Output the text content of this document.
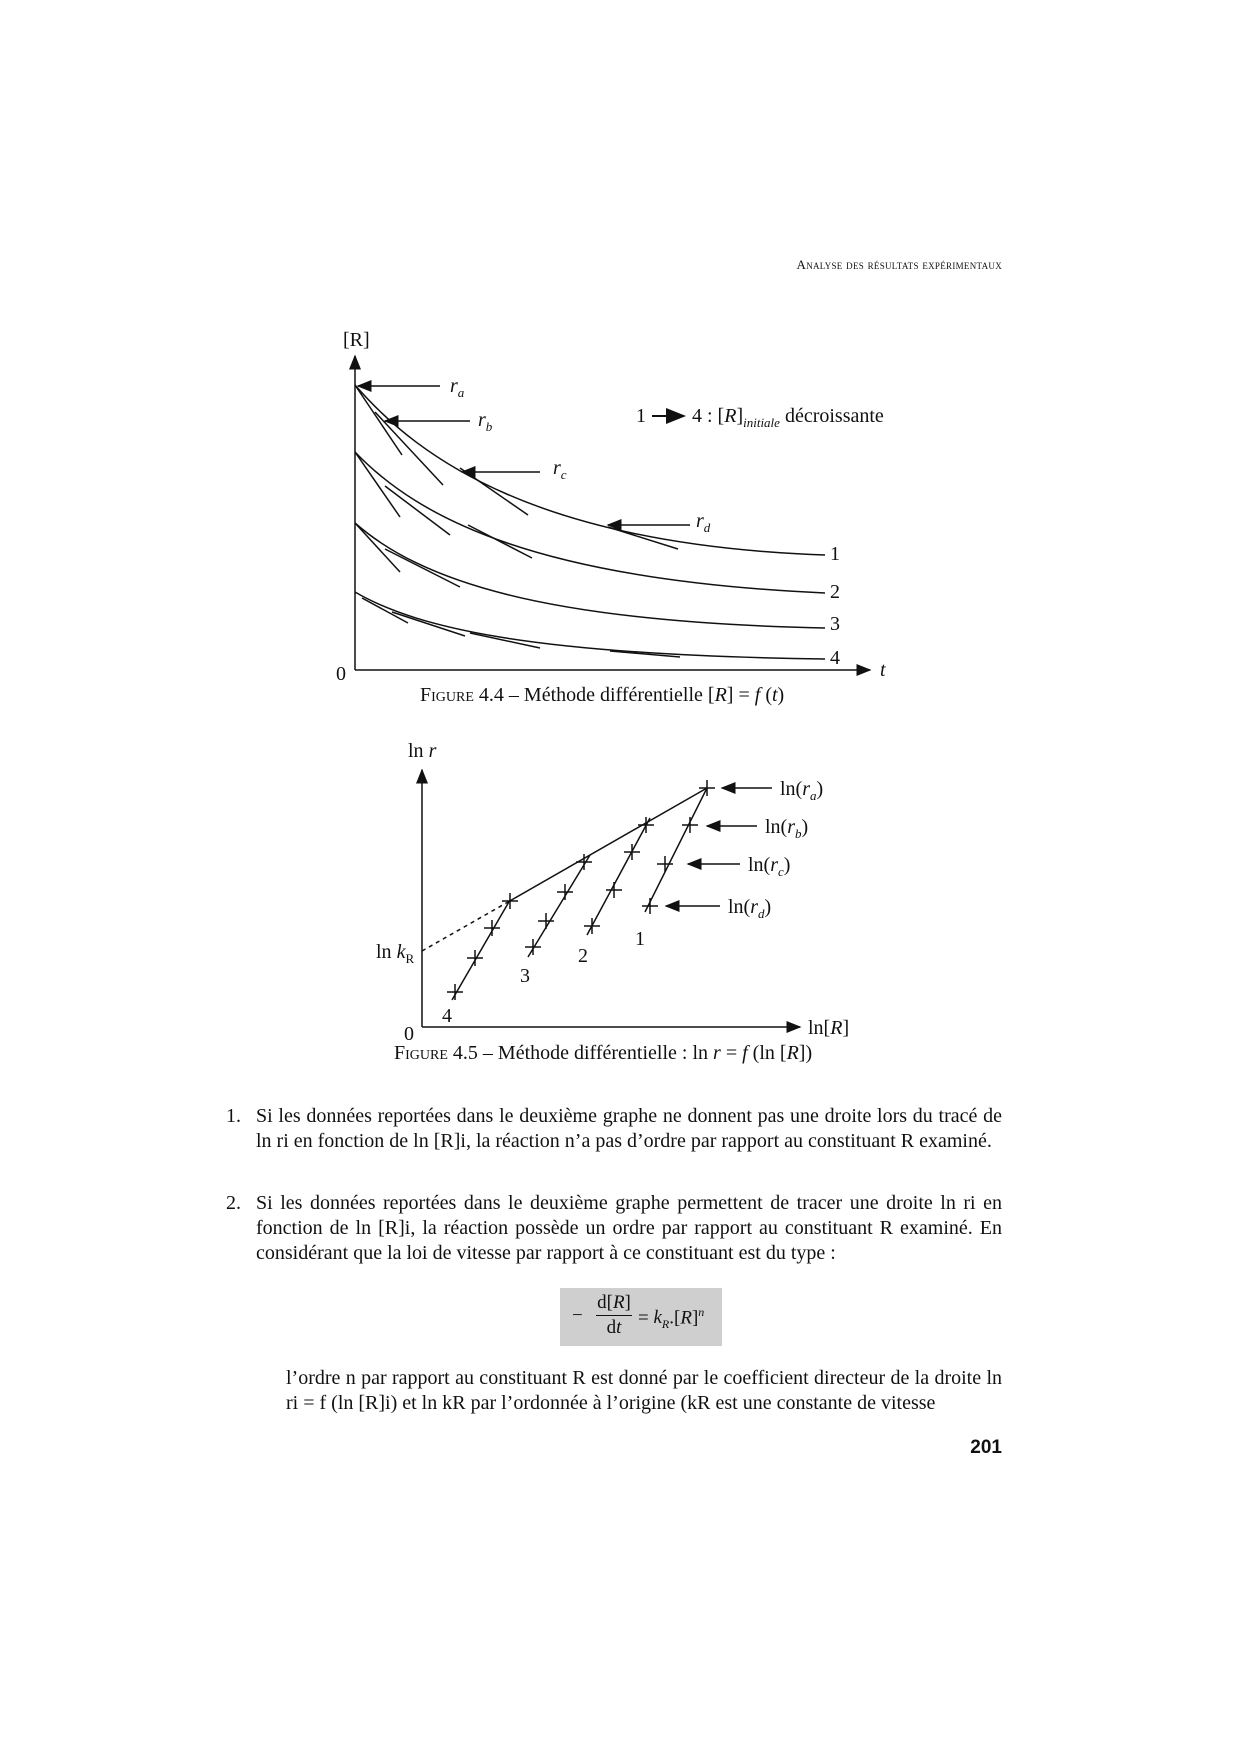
Analyse des résultats expérimentaux
[R]
t
0
$r_a$
$r_b$
$r_c$
$r_d$
1 4 : $[R]_{initiale}$ décroissante
1
2
3
4
Figure 4.4 – Méthode différentielle [R] = f (t)
ln r
ln[R]
0
$\ln k_R$
4
3
2
1
$\ln(r_a)$
$\ln(r_b)$
$\ln(r_c)$
$\ln(r_d)$
Figure 4.5 – Méthode différentielle : ln r = f (ln [R])
1. Si les données reportées dans le deuxième graphe ne donnent pas une droite lors du tracé de ln ri en fonction de ln [R]i, la réaction n’a pas d’ordre par rapport au constituant R examiné.
2. Si les données reportées dans le deuxième graphe permettent de tracer une droite ln ri en fonction de ln [R]i, la réaction possède un ordre par rapport au constituant R examiné. En considérant que la loi de vitesse par rapport à ce constituant est du type :
− $\frac{d[R]}{dt} = k_R.[R]^n$
l’ordre n par rapport au constituant R est donné par le coefficient directeur de la droite ln ri = f (ln [R]i) et ln kR par l’ordonnée à l’origine (kR est une constante de vitesse
201
